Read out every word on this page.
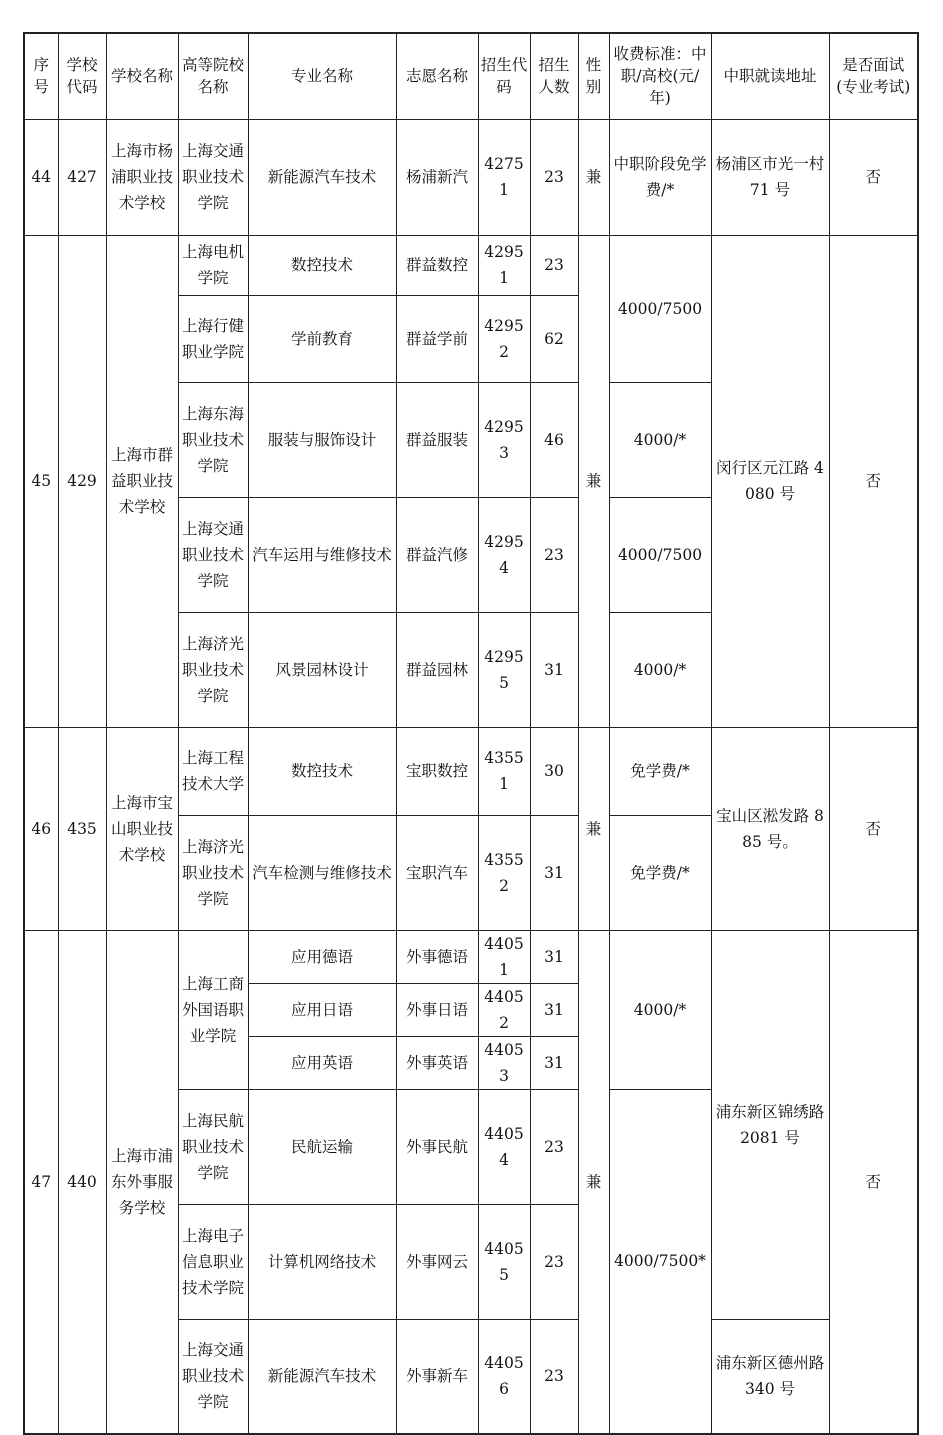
序号	学校代码	学校名称	高等院校名称	专业名称	志愿名称	招生代码	招生人数	性别	收费标准：中职/高校(元/年)	中职就读地址	是否面试(专业考试)
44	427	上海市杨浦职业技术学校	上海交通职业技术学院	新能源汽车技术	杨浦新汽	42751	23	兼	中职阶段免学费/*	杨浦区市光一村 71 号	否
45	429	上海市群益职业技术学校	上海电机学院	数控技术	群益数控	42951	23	兼	4000/7500	闵行区元江路 4080 号	否
			上海行健职业学院	学前教育	群益学前	42952	62				
			上海东海职业技术学院	服装与服饰设计	群益服装	42953	46		4000/*		
			上海交通职业技术学院	汽车运用与维修技术	群益汽修	42954	23		4000/7500		
			上海济光职业技术学院	风景园林设计	群益园林	42955	31		4000/*		
46	435	上海市宝山职业技术学校	上海工程技术大学	数控技术	宝职数控	43551	30	兼	免学费/*	宝山区淞发路 885 号。	否
			上海济光职业技术学院	汽车检测与维修技术	宝职汽车	43552	31		免学费/*		
47	440	上海市浦东外事服务学校	上海工商外国语职业学院	应用德语	外事德语	44051	31	兼	4000/*	浦东新区锦绣路 2081 号	否
				应用日语	外事日语	44052	31				
				应用英语	外事英语	44053	31				
			上海民航职业技术学院	民航运输	外事民航	44054	23		4000/7500*		
			上海电子信息职业技术学院	计算机网络技术	外事网云	44055	23				
			上海交通职业技术学院	新能源汽车技术	外事新车	44056	23			浦东新区德州路 340 号	
